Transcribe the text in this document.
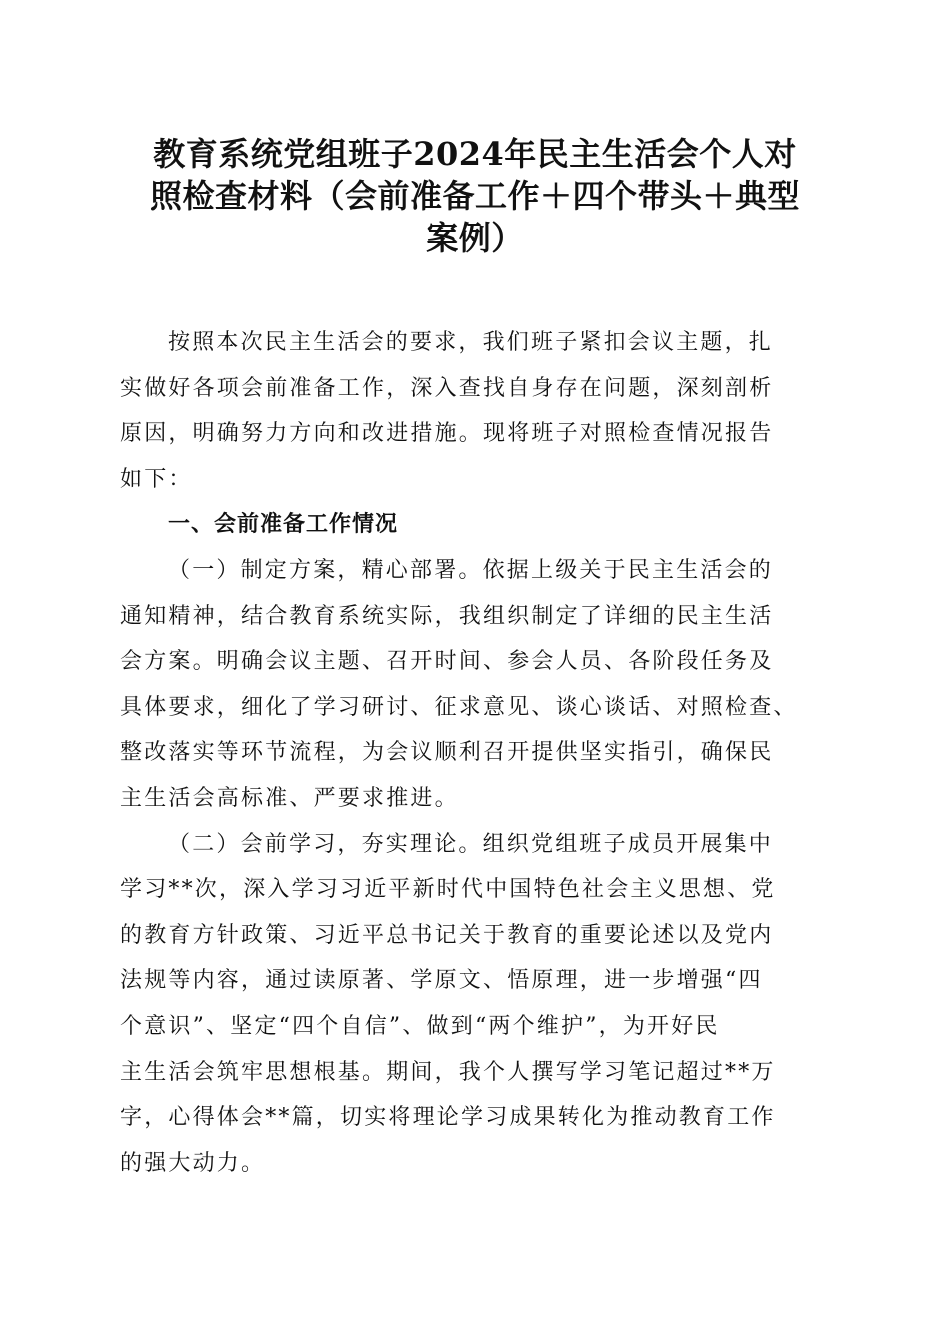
教育系统党组班子2024年民主生活会个人对
照检查材料（会前准备工作＋四个带头＋典型
案例）
按照本次民主生活会的要求，我们班子紧扣会议主题，扎
实做好各项会前准备工作，深入查找自身存在问题，深刻剖析
原因，明确努力方向和改进措施。现将班子对照检查情况报告
如下：
一、会前准备工作情况
（一）制定方案，精心部署。依据上级关于民主生活会的
通知精神，结合教育系统实际，我组织制定了详细的民主生活
会方案。明确会议主题、召开时间、参会人员、各阶段任务及
具体要求，细化了学习研讨、征求意见、谈心谈话、对照检查、
整改落实等环节流程，为会议顺利召开提供坚实指引，确保民
主生活会高标准、严要求推进。
（二）会前学习，夯实理论。组织党组班子成员开展集中
学习**次，深入学习习近平新时代中国特色社会主义思想、党
的教育方针政策、习近平总书记关于教育的重要论述以及党内
法规等内容，通过读原著、学原文、悟原理，进一步增强“四
个意识”、坚定“四个自信”、做到“两个维护”，为开好民
主生活会筑牢思想根基。期间，我个人撰写学习笔记超过**万
字，心得体会**篇，切实将理论学习成果转化为推动教育工作
的强大动力。
